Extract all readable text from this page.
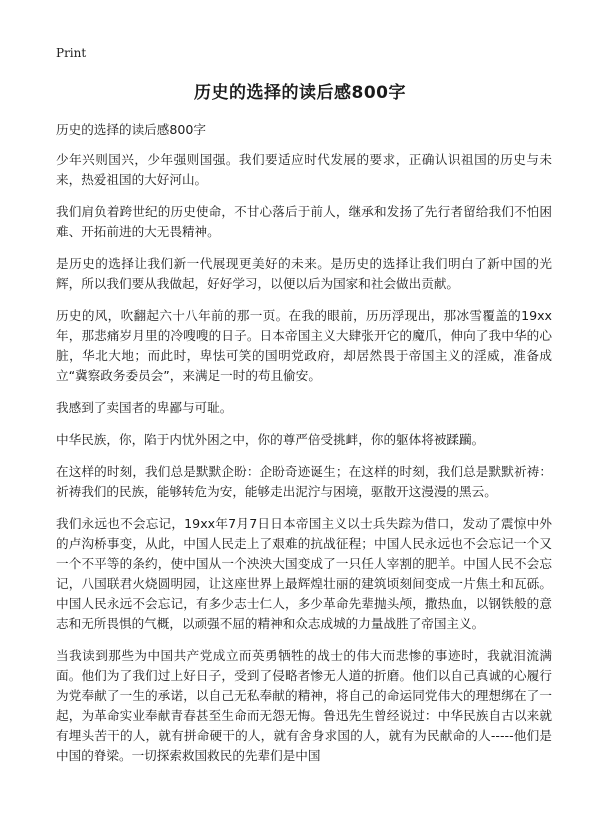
Print
历史的选择的读后感800字

历史的选择的读后感800字

少年兴则国兴，少年强则国强。我们要适应时代发展的要求，正确认识祖国的历史与未来，热爱祖国的大好河山。

我们肩负着跨世纪的历史使命，不甘心落后于前人，继承和发扬了先行者留给我们不怕困难、开拓前进的大无畏精神。

是历史的选择让我们新一代展现更美好的未来。是历史的选择让我们明白了新中国的光辉，所以我们要从我做起，好好学习，以便以后为国家和社会做出贡献。

历史的风，吹翻起六十八年前的那一页。在我的眼前，历历浮现出，那冰雪覆盖的19xx年，那悲痛岁月里的冷嗖嗖的日子。日本帝国主义大肆张开它的魔爪，伸向了我中华的心脏，华北大地；而此时，卑怯可笑的国明党政府，却居然畏于帝国主义的淫威，准备成立“冀察政务委员会”，来满足一时的苟且偷安。

我感到了卖国者的卑鄙与可耻。

中华民族，你，陷于内忧外困之中，你的尊严倍受挑衅，你的躯体将被蹂躏。

在这样的时刻，我们总是默默企盼：企盼奇迹诞生；在这样的时刻，我们总是默默祈祷：祈祷我们的民族，能够转危为安，能够走出泥泞与困境，驱散开这漫漫的黑云。

我们永远也不会忘记，19xx年7月7日日本帝国主义以士兵失踪为借口，发动了震惊中外的卢沟桥事变，从此，中国人民走上了艰难的抗战征程；中国人民永远也不会忘记一个又一个不平等的条约，使中国从一个泱泱大国变成了一只任人宰割的肥羊。中国人民不会忘记，八国联君火烧圆明园，让这座世界上最辉煌壮丽的建筑顷刻间变成一片焦土和瓦砾。中国人民永远不会忘记，有多少志士仁人，多少革命先辈抛头颅，撒热血，以钢铁般的意志和无所畏惧的气概，以顽强不屈的精神和众志成城的力量战胜了帝国主义。

当我读到那些为中国共产党成立而英勇牺牲的战士的伟大而悲惨的事迹时，我就泪流满面。他们为了我们过上好日子，受到了侵略者惨无人道的折磨。他们以自己真诚的心履行为党奉献了一生的承诺，以自己无私奉献的精神，将自己的命运同党伟大的理想绑在了一起，为革命实业奉献青春甚至生命而无怨无悔。鲁迅先生曾经说过：中华民族自古以来就有埋头苦干的人，就有拼命硬干的人，就有舍身求国的人，就有为民献命的人-----他们是中国的脊梁。一切探索救国救民的先辈们是中国
